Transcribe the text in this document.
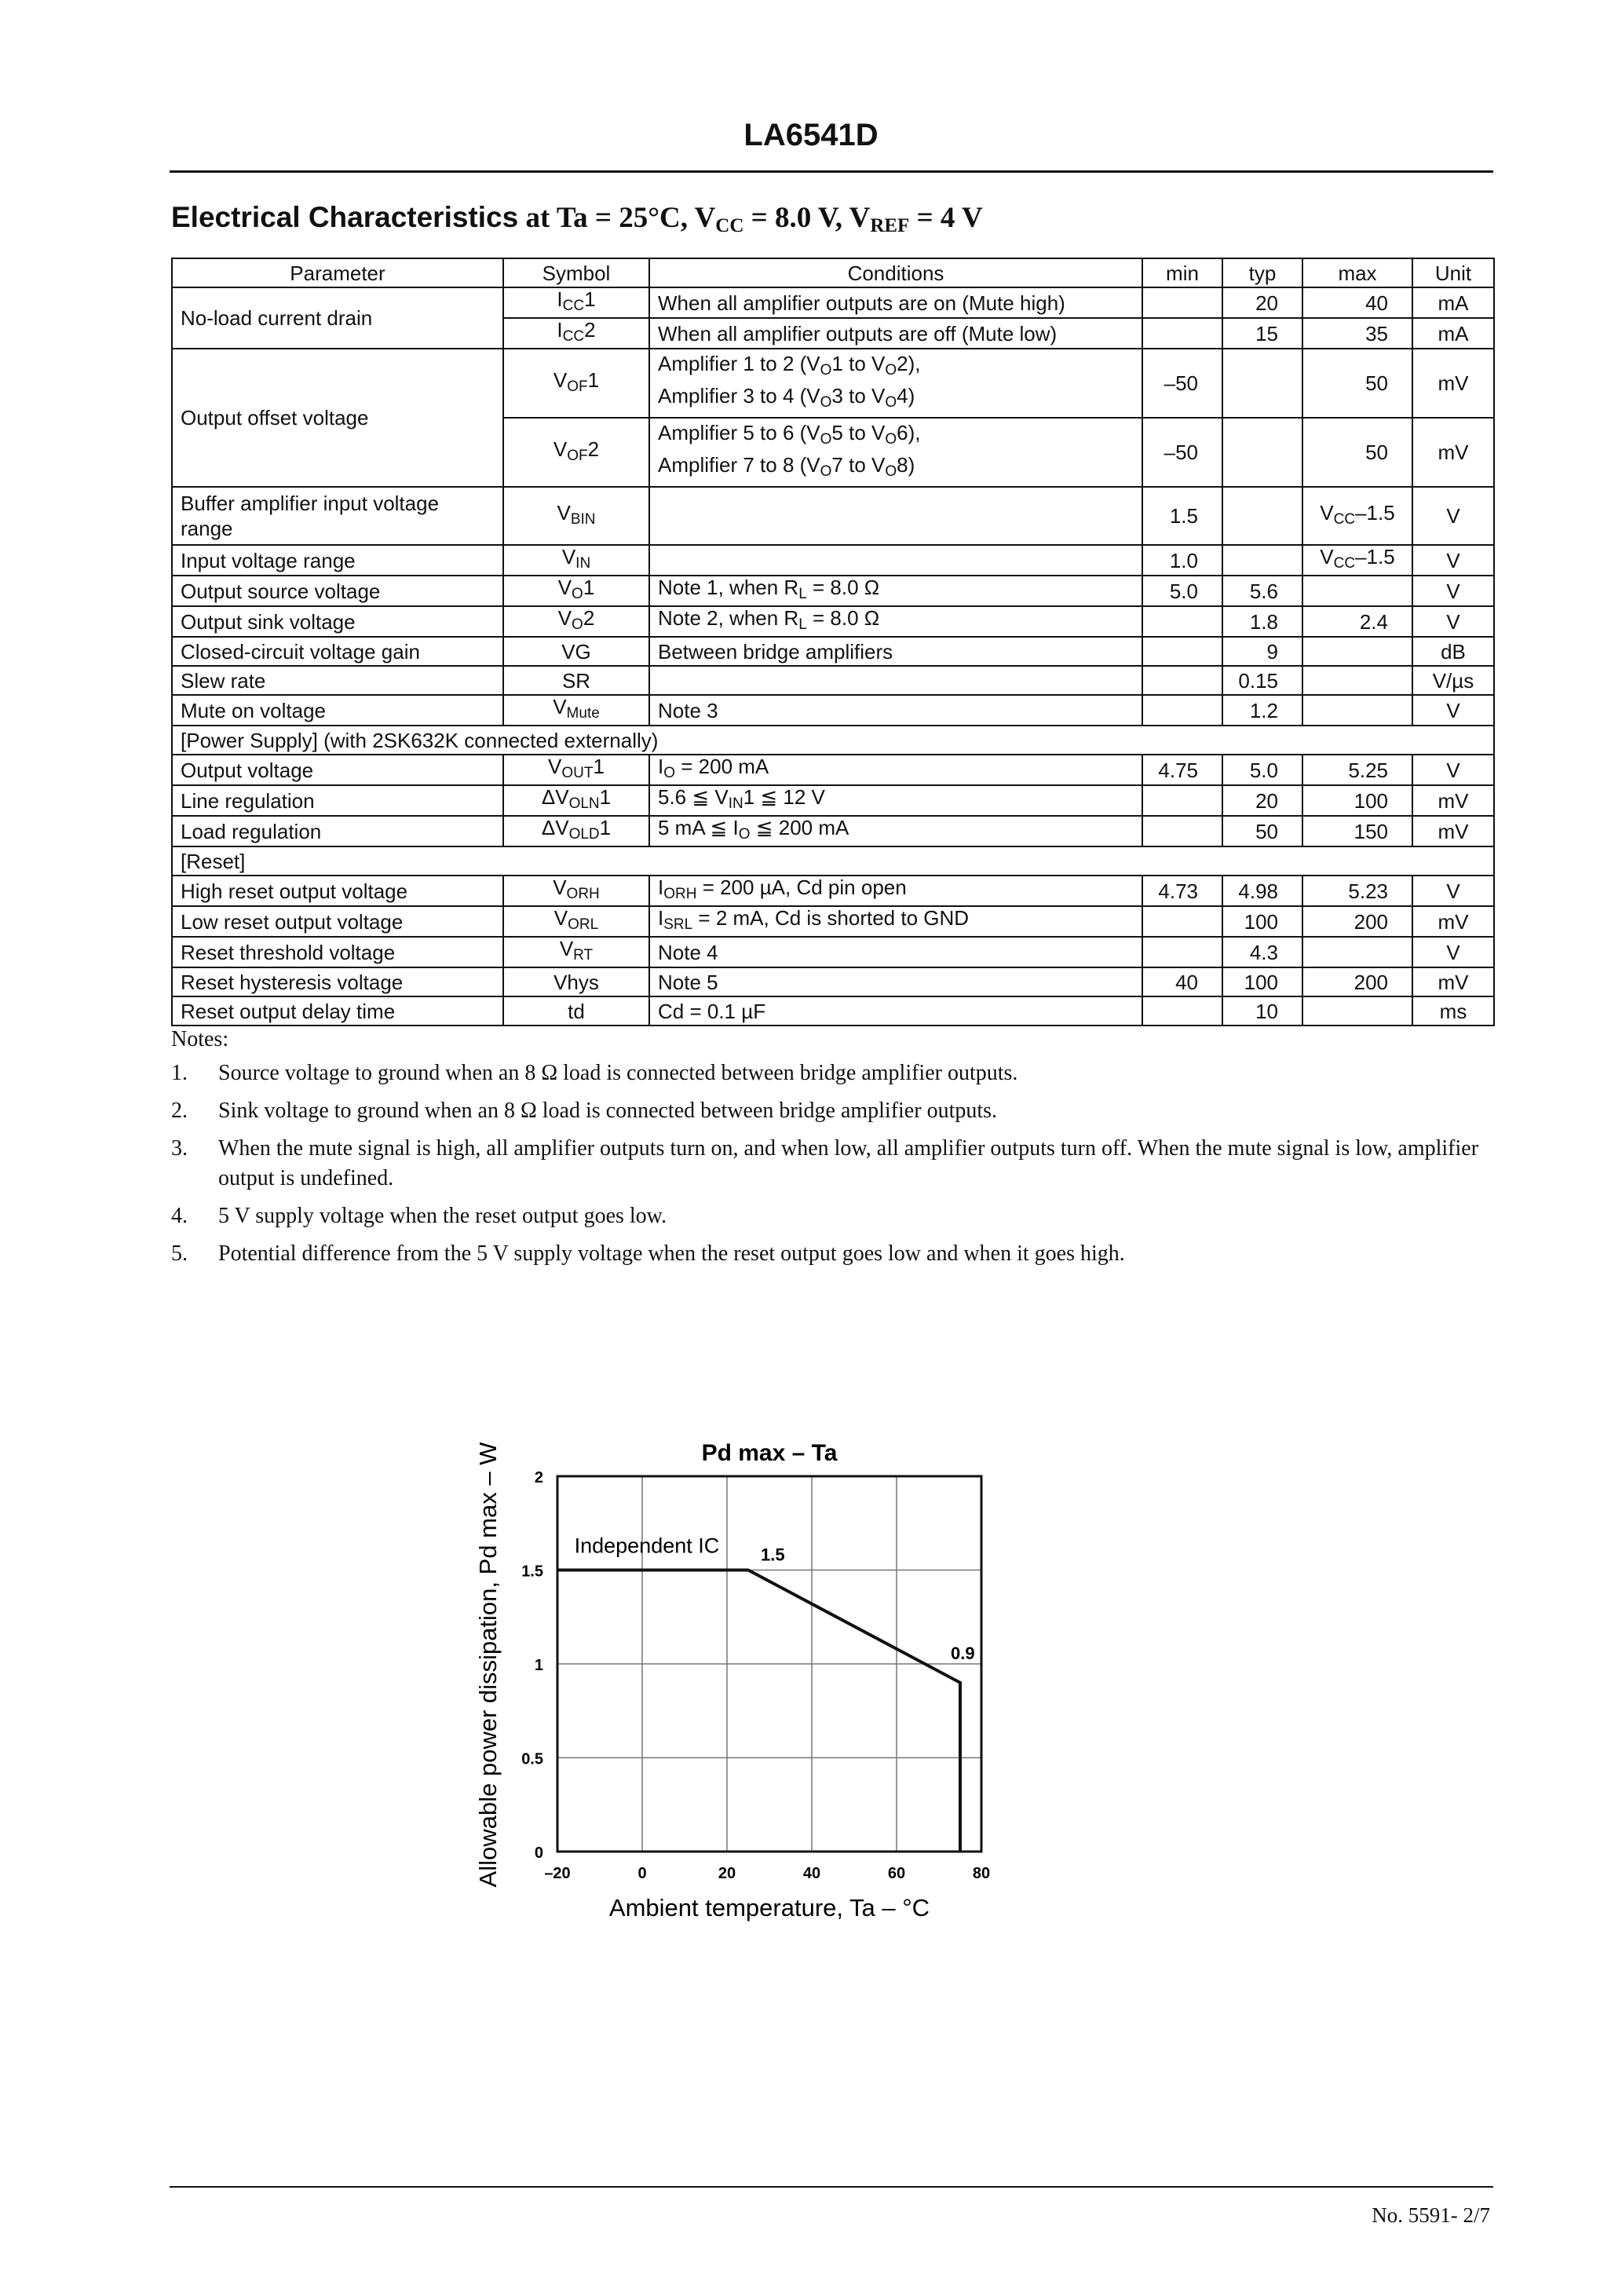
LA6541D
Electrical Characteristics at Ta = 25°C, $V_{CC} = 8.0$ V, $V_{REF} = 4$ V
Parameter	Symbol	Conditions	min	typ	max	Unit
No-load current drain	$I_{CC}1$	When all amplifier outputs are on (Mute high)		20	40	mA
	$I_{CC}2$	When all amplifier outputs are off (Mute low)		15	35	mA
Output offset voltage	$V_{OF}1$	Amplifier 1 to 2 ($V_O1$ to $V_O2$),
Amplifier 3 to 4 ($V_O3$ to $V_O4$)	–50		50	mV
	$V_{OF}2$	Amplifier 5 to 6 ($V_O5$ to $V_O6$),
Amplifier 7 to 8 ($V_O7$ to $V_O8$)	–50		50	mV
Buffer amplifier input voltage range	$V_{BIN}$		1.5		$V_{CC}-1.5$	V
Input voltage range	$V_{IN}$		1.0		$V_{CC}-1.5$	V
Output source voltage	$V_O1$	Note 1, when $R_L = 8.0$ Ω	5.0	5.6		V
Output sink voltage	$V_O2$	Note 2, when $R_L = 8.0$ Ω		1.8	2.4	V
Closed-circuit voltage gain	VG	Between bridge amplifiers		9		dB
Slew rate	SR			0.15		V/µs
Mute on voltage	$V_{Mute}$	Note 3		1.2		V
[Power Supply] (with 2SK632K connected externally)						
Output voltage	$V_{OUT}1$	$I_O = 200$ mA	4.75	5.0	5.25	V
Line regulation	$\Delta V_{OLN}1$	5.6 ≦ $V_{IN}1$ ≦ 12 V		20	100	mV
Load regulation	$\Delta V_{OLD}1$	5 mA ≦ $I_O$ ≦ 200 mA		50	150	mV
[Reset]						
High reset output voltage	$V_{ORH}$	$I_{ORH} = 200$ µA, Cd pin open	4.73	4.98	5.23	V
Low reset output voltage	$V_{ORL}$	$I_{SRL} = 2$ mA, Cd is shorted to GND		100	200	mV
Reset threshold voltage	$V_{RT}$	Note 4		4.3		V
Reset hysteresis voltage	Vhys	Note 5	40	100	200	mV
Reset output delay time	td	Cd = 0.1 µF		10		ms
Notes:
1.	Source voltage to ground when an 8 Ω load is connected between bridge amplifier outputs.
2.	Sink voltage to ground when an 8 Ω load is connected between bridge amplifier outputs.
3.	When the mute signal is high, all amplifier outputs turn on, and when low, all amplifier outputs turn off. When the mute signal is low, amplifier output is undefined.
4.	5 V supply voltage when the reset output goes low.
5.	Potential difference from the 5 V supply voltage when the reset output goes low and when it goes high.
Pd max – Ta
0
0.5
1
1.5
2
–20	0	20	40	60	80
Independent IC 1.5
0.9
Ambient temperature, Ta – °C
Allowable power dissipation, Pd max – W
No. 5591- 2/7
